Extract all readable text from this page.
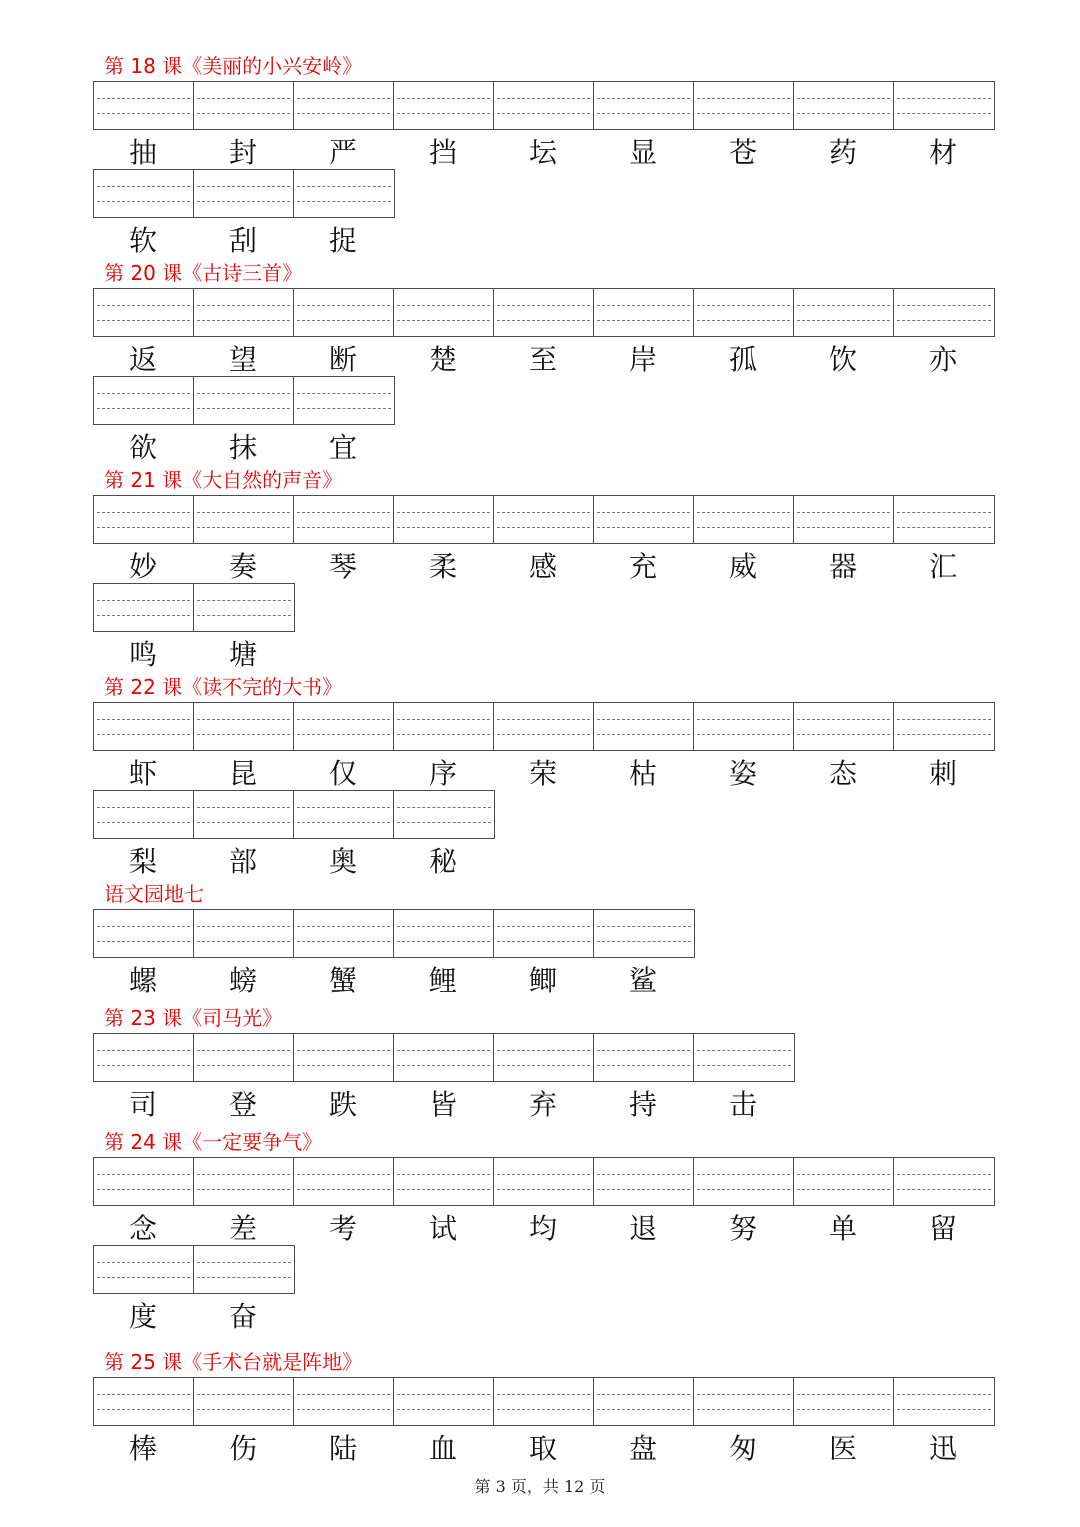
第 18 课《美丽的小兴安岭》
抽	封	严	挡	坛	显	苍	药	材
软	刮	捉
第 20 课《古诗三首》
返	望	断	楚	至	岸	孤	饮	亦
欲	抹	宜
第 21 课《大自然的声音》
妙	奏	琴	柔	感	充	威	器	汇
鸣	塘
第 22 课《读不完的大书》
虾	昆	仅	序	荣	枯	姿	态	刺
梨	部	奥	秘
语文园地七
螺	螃	蟹	鲤	鲫	鲨
第 23 课《司马光》
司	登	跌	皆	弃	持	击
第 24 课《一定要争气》
念	差	考	试	均	退	努	单	留
度	奋
第 25 课《手术台就是阵地》
棒	伤	陆	血	取	盘	匆	医	迅
第 3 页，共 12 页
